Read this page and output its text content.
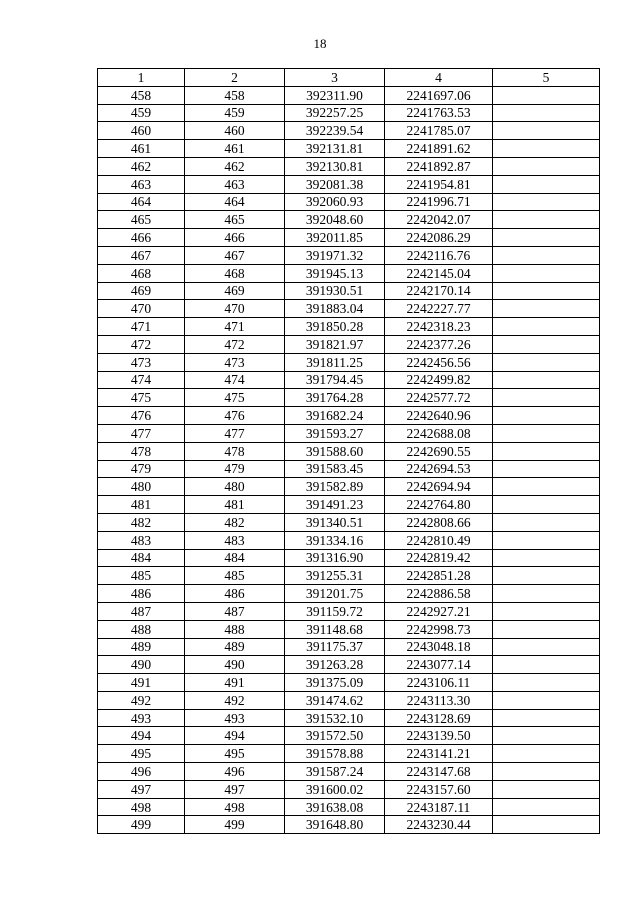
18
1	2	3	4	5
458	458	392311.90	2241697.06	
459	459	392257.25	2241763.53	
460	460	392239.54	2241785.07	
461	461	392131.81	2241891.62	
462	462	392130.81	2241892.87	
463	463	392081.38	2241954.81	
464	464	392060.93	2241996.71	
465	465	392048.60	2242042.07	
466	466	392011.85	2242086.29	
467	467	391971.32	2242116.76	
468	468	391945.13	2242145.04	
469	469	391930.51	2242170.14	
470	470	391883.04	2242227.77	
471	471	391850.28	2242318.23	
472	472	391821.97	2242377.26	
473	473	391811.25	2242456.56	
474	474	391794.45	2242499.82	
475	475	391764.28	2242577.72	
476	476	391682.24	2242640.96	
477	477	391593.27	2242688.08	
478	478	391588.60	2242690.55	
479	479	391583.45	2242694.53	
480	480	391582.89	2242694.94	
481	481	391491.23	2242764.80	
482	482	391340.51	2242808.66	
483	483	391334.16	2242810.49	
484	484	391316.90	2242819.42	
485	485	391255.31	2242851.28	
486	486	391201.75	2242886.58	
487	487	391159.72	2242927.21	
488	488	391148.68	2242998.73	
489	489	391175.37	2243048.18	
490	490	391263.28	2243077.14	
491	491	391375.09	2243106.11	
492	492	391474.62	2243113.30	
493	493	391532.10	2243128.69	
494	494	391572.50	2243139.50	
495	495	391578.88	2243141.21	
496	496	391587.24	2243147.68	
497	497	391600.02	2243157.60	
498	498	391638.08	2243187.11	
499	499	391648.80	2243230.44	
